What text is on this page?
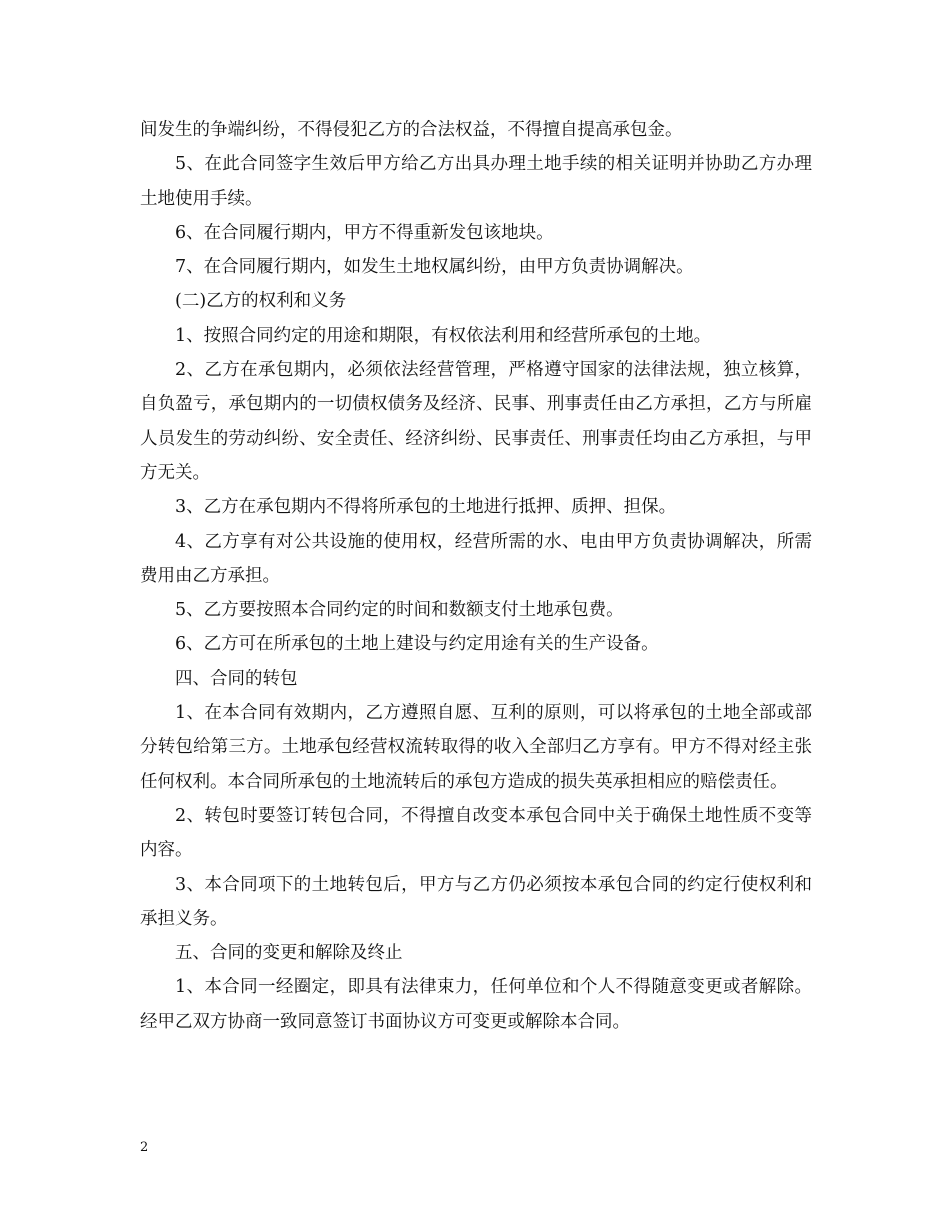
间发生的争端纠纷，不得侵犯乙方的合法权益，不得擅自提高承包金。

5、在此合同签字生效后甲方给乙方出具办理土地手续的相关证明并协助乙方办理土地使用手续。

6、在合同履行期内，甲方不得重新发包该地块。

7、在合同履行期内，如发生土地权属纠纷，由甲方负责协调解决。

(二)乙方的权利和义务

1、按照合同约定的用途和期限，有权依法利用和经营所承包的土地。

2、乙方在承包期内，必须依法经营管理，严格遵守国家的法律法规，独立核算，自负盈亏，承包期内的一切债权债务及经济、民事、刑事责任由乙方承担，乙方与所雇人员发生的劳动纠纷、安全责任、经济纠纷、民事责任、刑事责任均由乙方承担，与甲方无关。

3、乙方在承包期内不得将所承包的土地进行抵押、质押、担保。

4、乙方享有对公共设施的使用权，经营所需的水、电由甲方负责协调解决，所需费用由乙方承担。

5、乙方要按照本合同约定的时间和数额支付土地承包费。

6、乙方可在所承包的土地上建设与约定用途有关的生产设备。

四、合同的转包

1、在本合同有效期内，乙方遵照自愿、互利的原则，可以将承包的土地全部或部分转包给第三方。土地承包经营权流转取得的收入全部归乙方享有。甲方不得对经主张任何权利。本合同所承包的土地流转后的承包方造成的损失英承担相应的赔偿责任。

2、转包时要签订转包合同，不得擅自改变本承包合同中关于确保土地性质不变等内容。

3、本合同项下的土地转包后，甲方与乙方仍必须按本承包合同的约定行使权利和承担义务。

五、合同的变更和解除及终止

1、本合同一经圈定，即具有法律束力，任何单位和个人不得随意变更或者解除。经甲乙双方协商一致同意签订书面协议方可变更或解除本合同。

2
